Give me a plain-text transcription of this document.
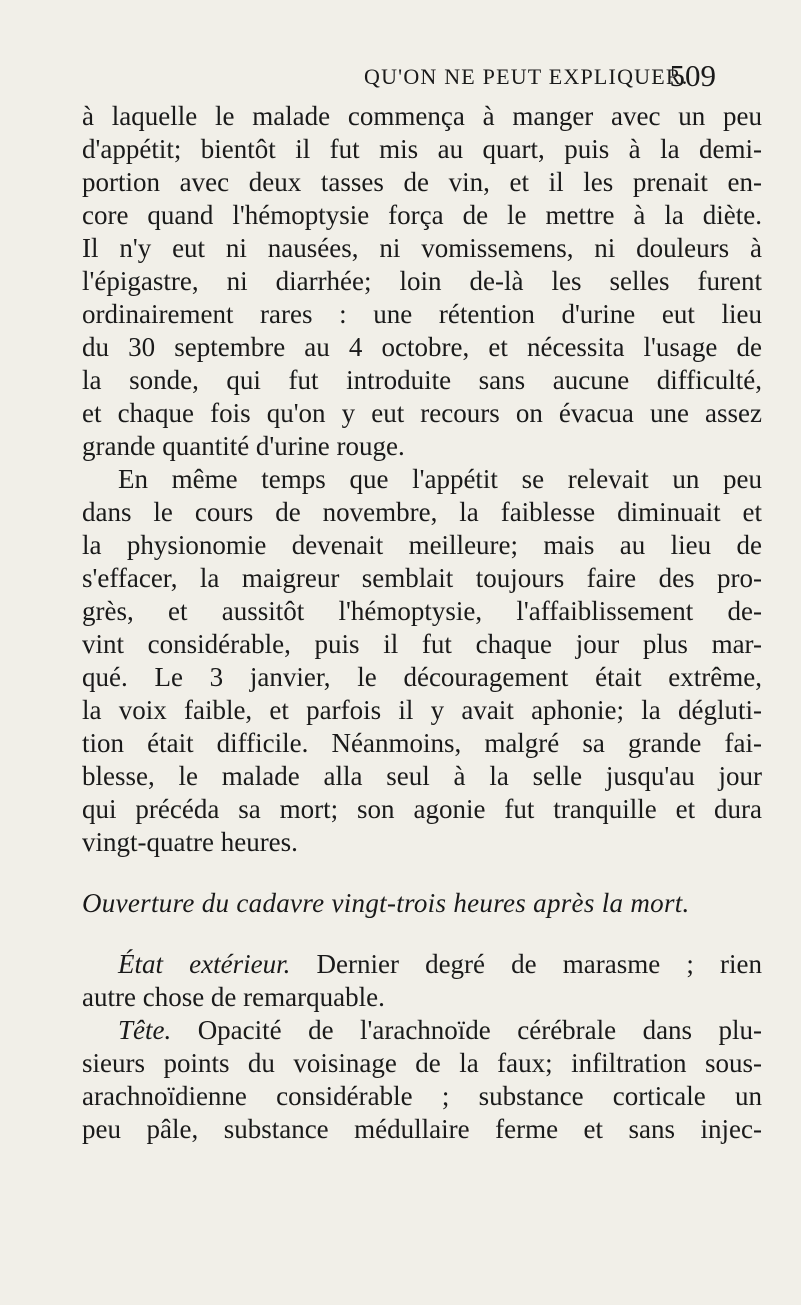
QU'ON NE PEUT EXPLIQUER.
509
à laquelle le malade commença à manger avec un peu
d'appétit; bientôt il fut mis au quart, puis à la demi-
portion avec deux tasses de vin, et il les prenait en-
core quand l'hémoptysie força de le mettre à la diète.
Il n'y eut ni nausées, ni vomissemens, ni douleurs à
l'épigastre, ni diarrhée; loin de-là les selles furent
ordinairement rares : une rétention d'urine eut lieu
du 30 septembre au 4 octobre, et nécessita l'usage de
la sonde, qui fut introduite sans aucune difficulté,
et chaque fois qu'on y eut recours on évacua une assez
grande quantité d'urine rouge.
En même temps que l'appétit se relevait un peu
dans le cours de novembre, la faiblesse diminuait et
la physionomie devenait meilleure; mais au lieu de
s'effacer, la maigreur semblait toujours faire des pro-
grès, et aussitôt l'hémoptysie, l'affaiblissement de-
vint considérable, puis il fut chaque jour plus mar-
qué. Le 3 janvier, le découragement était extrême,
la voix faible, et parfois il y avait aphonie; la dégluti-
tion était difficile. Néanmoins, malgré sa grande fai-
blesse, le malade alla seul à la selle jusqu'au jour
qui précéda sa mort; son agonie fut tranquille et dura
vingt-quatre heures.
Ouverture du cadavre vingt-trois heures après la mort.
État extérieur. Dernier degré de marasme ; rien
autre chose de remarquable.
Tête. Opacité de l'arachnoïde cérébrale dans plu-
sieurs points du voisinage de la faux; infiltration sous-
arachnoïdienne considérable ; substance corticale un
peu pâle, substance médullaire ferme et sans injec-
